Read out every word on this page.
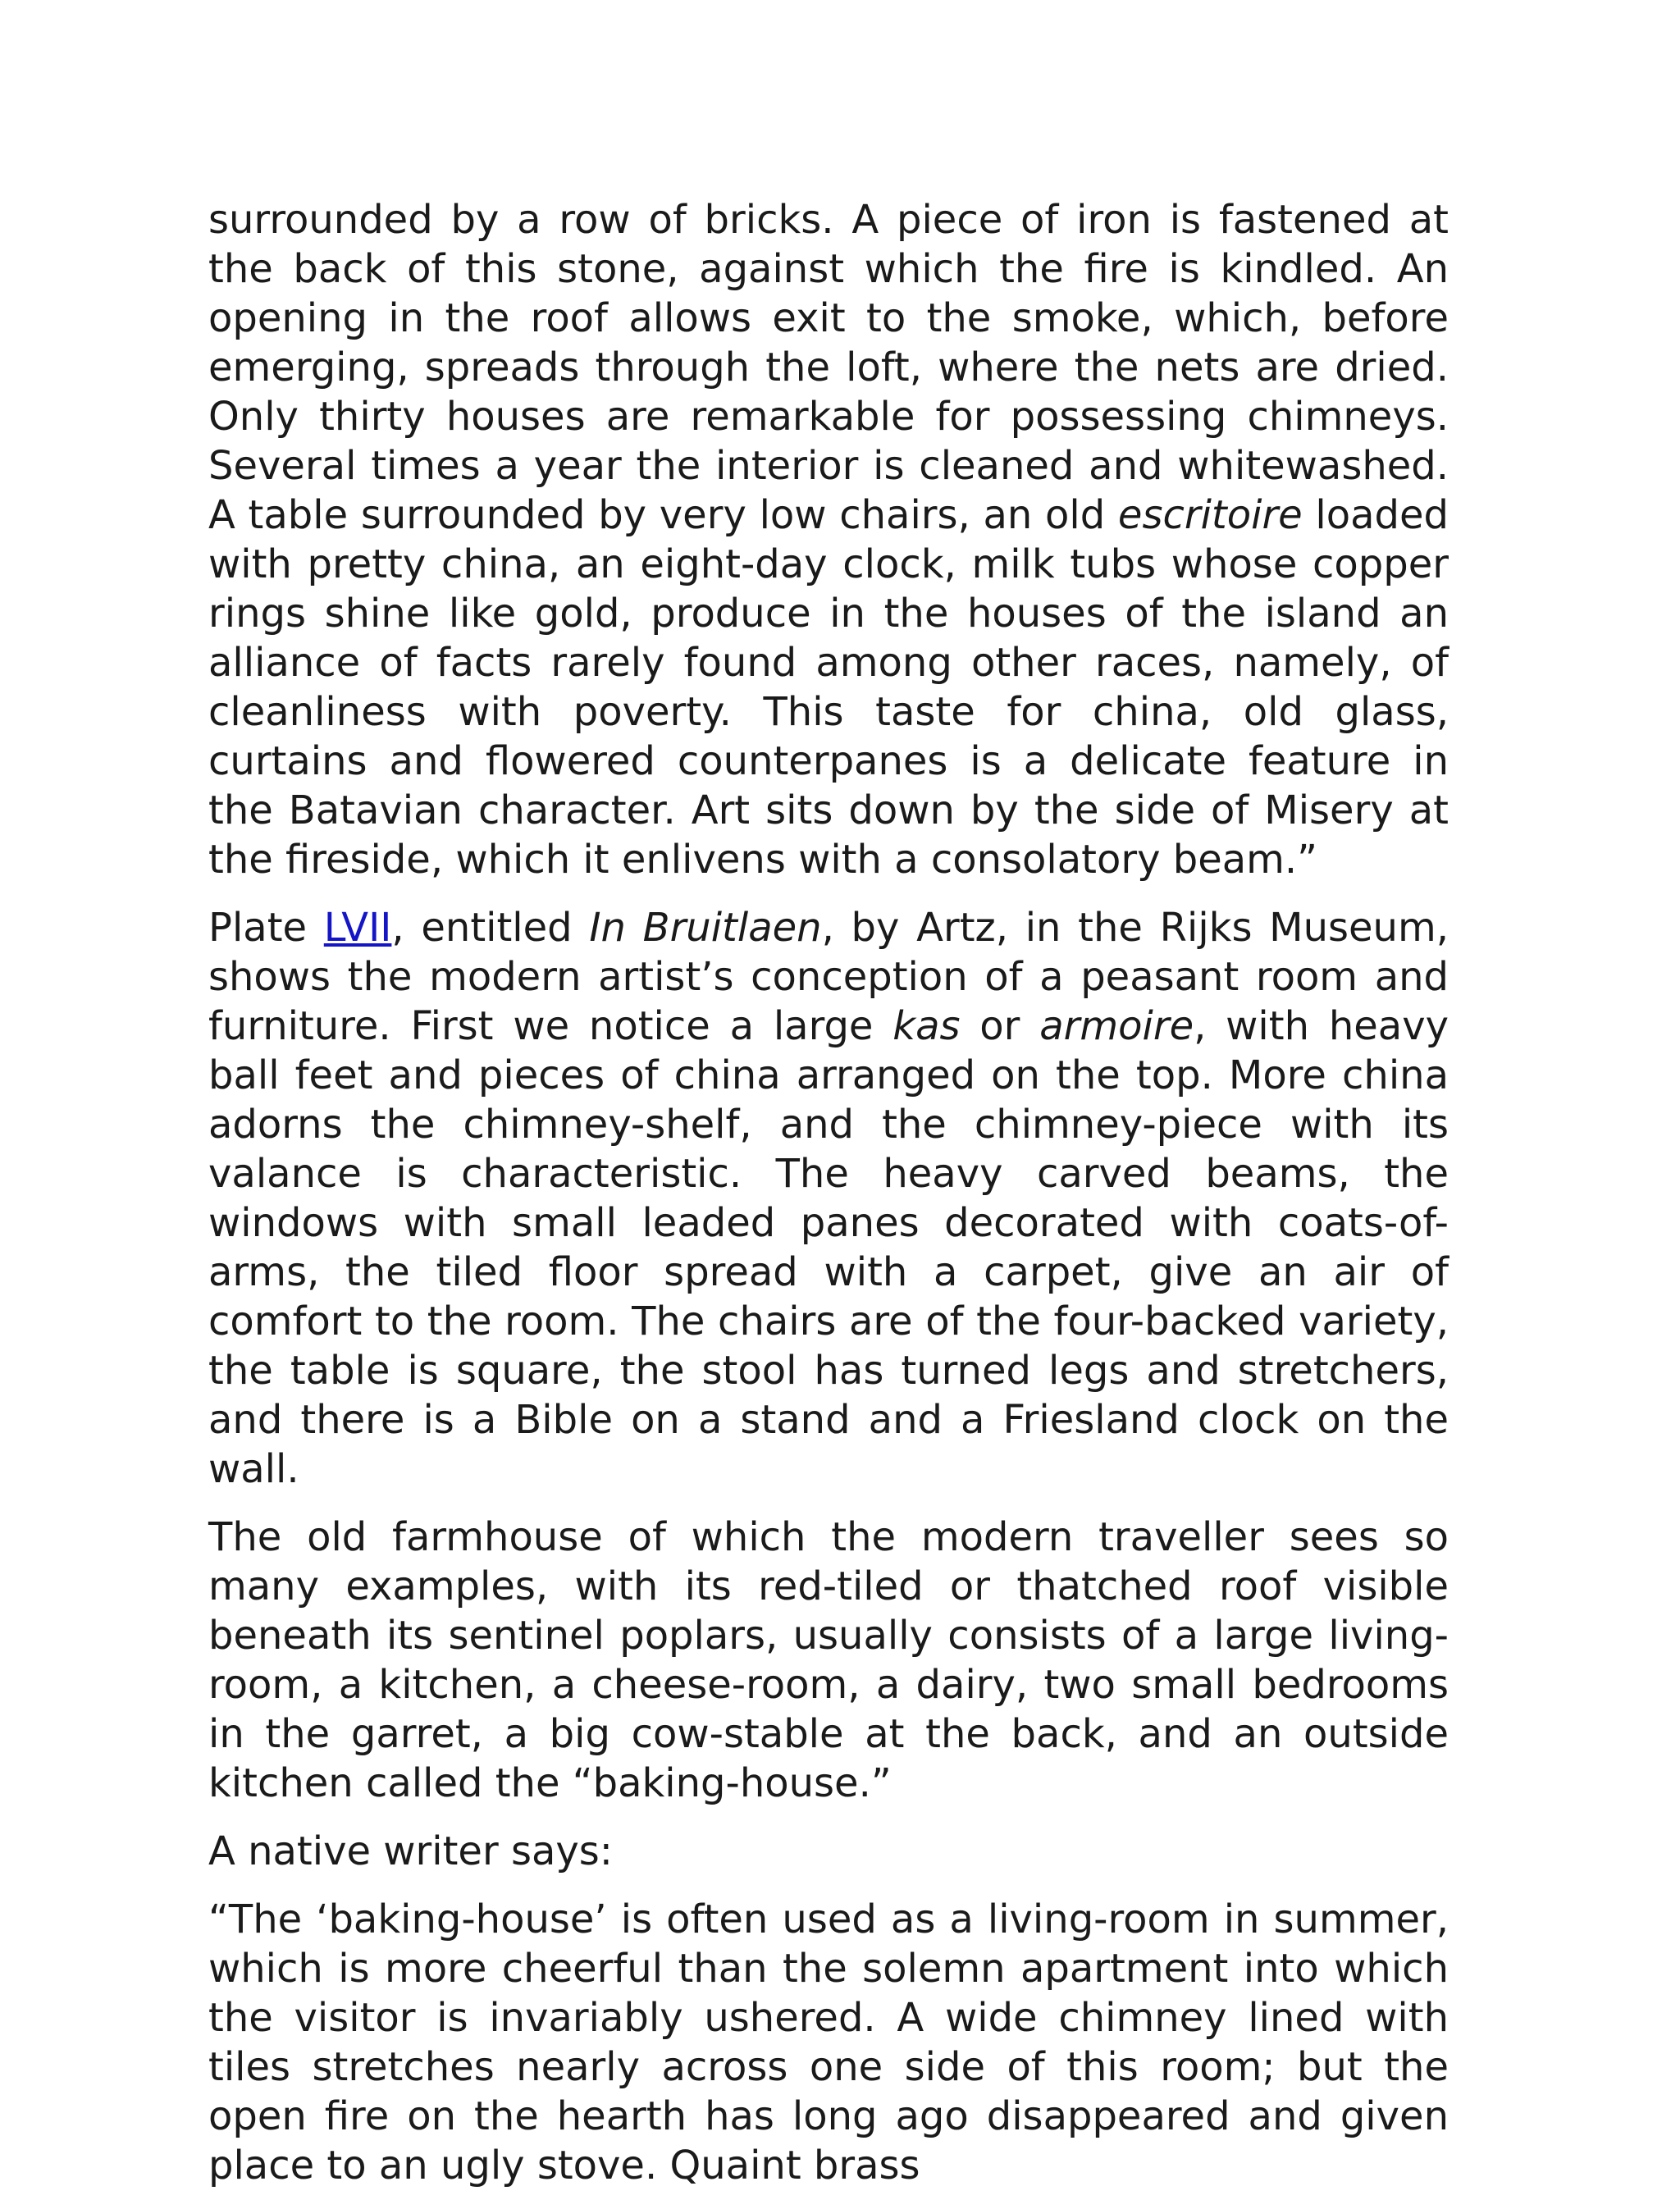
surrounded by a row of bricks. A piece of iron is fastened at the back of this stone, against which the fire is kindled. An opening in the roof allows exit to the smoke, which, before emerging, spreads through the loft, where the nets are dried. Only thirty houses are remarkable for possessing chimneys. Several times a year the interior is cleaned and whitewashed. A table surrounded by very low chairs, an old escritoire loaded with pretty china, an eight-day clock, milk tubs whose copper rings shine like gold, produce in the houses of the island an alliance of facts rarely found among other races, namely, of cleanliness with poverty. This taste for china, old glass, curtains and flowered counterpanes is a delicate feature in the Batavian character. Art sits down by the side of Misery at the fireside, which it enlivens with a consolatory beam.”

Plate LVII, entitled In Bruitlaen, by Artz, in the Rijks Museum, shows the modern artist’s conception of a peasant room and furniture. First we notice a large kas or armoire, with heavy ball feet and pieces of china arranged on the top. More china adorns the chimney-shelf, and the chimney-piece with its valance is characteristic. The heavy carved beams, the windows with small leaded panes decorated with coats-of-arms, the tiled floor spread with a carpet, give an air of comfort to the room. The chairs are of the four-backed variety, the table is square, the stool has turned legs and stretchers, and there is a Bible on a stand and a Friesland clock on the wall.

The old farmhouse of which the modern traveller sees so many examples, with its red-tiled or thatched roof visible beneath its sentinel poplars, usually consists of a large living-room, a kitchen, a cheese-room, a dairy, two small bedrooms in the garret, a big cow-stable at the back, and an outside kitchen called the “baking-house.”

A native writer says:

“The ‘baking-house’ is often used as a living-room in summer, which is more cheerful than the solemn apartment into which the visitor is invariably ushered. A wide chimney lined with tiles stretches nearly across one side of this room; but the open fire on the hearth has long ago disappeared and given place to an ugly stove. Quaint brass
